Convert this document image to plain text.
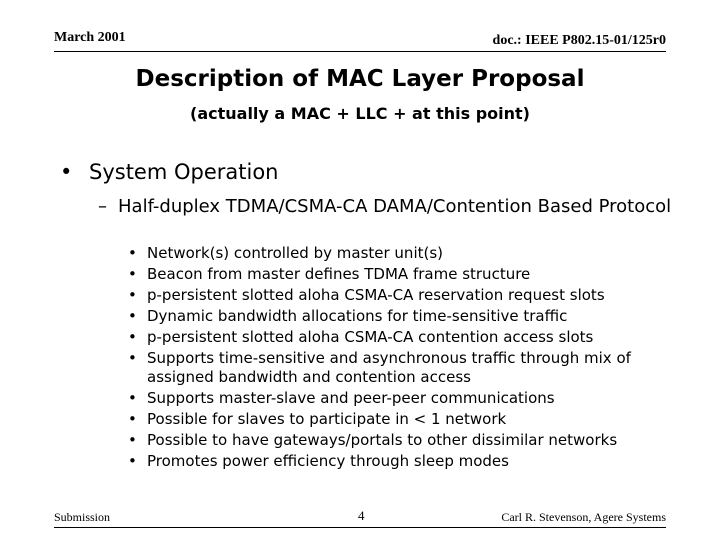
March 2001	doc.: IEEE P802.15-01/125r0
Description of MAC Layer Proposal
(actually a MAC + LLC + at this point)
• System Operation
– Half-duplex TDMA/CSMA-CA DAMA/Contention Based Protocol
• Network(s) controlled by master unit(s)
• Beacon from master defines TDMA frame structure
• p-persistent slotted aloha CSMA-CA reservation request slots
• Dynamic bandwidth allocations for time-sensitive traffic
• p-persistent slotted aloha CSMA-CA contention access slots
• Supports time-sensitive and asynchronous traffic through mix of assigned bandwidth and contention access
• Supports master-slave and peer-peer communications
• Possible for slaves to participate in < 1 network
• Possible to have gateways/portals to other dissimilar networks
• Promotes power efficiency through sleep modes
Submission	4	Carl R. Stevenson, Agere Systems
